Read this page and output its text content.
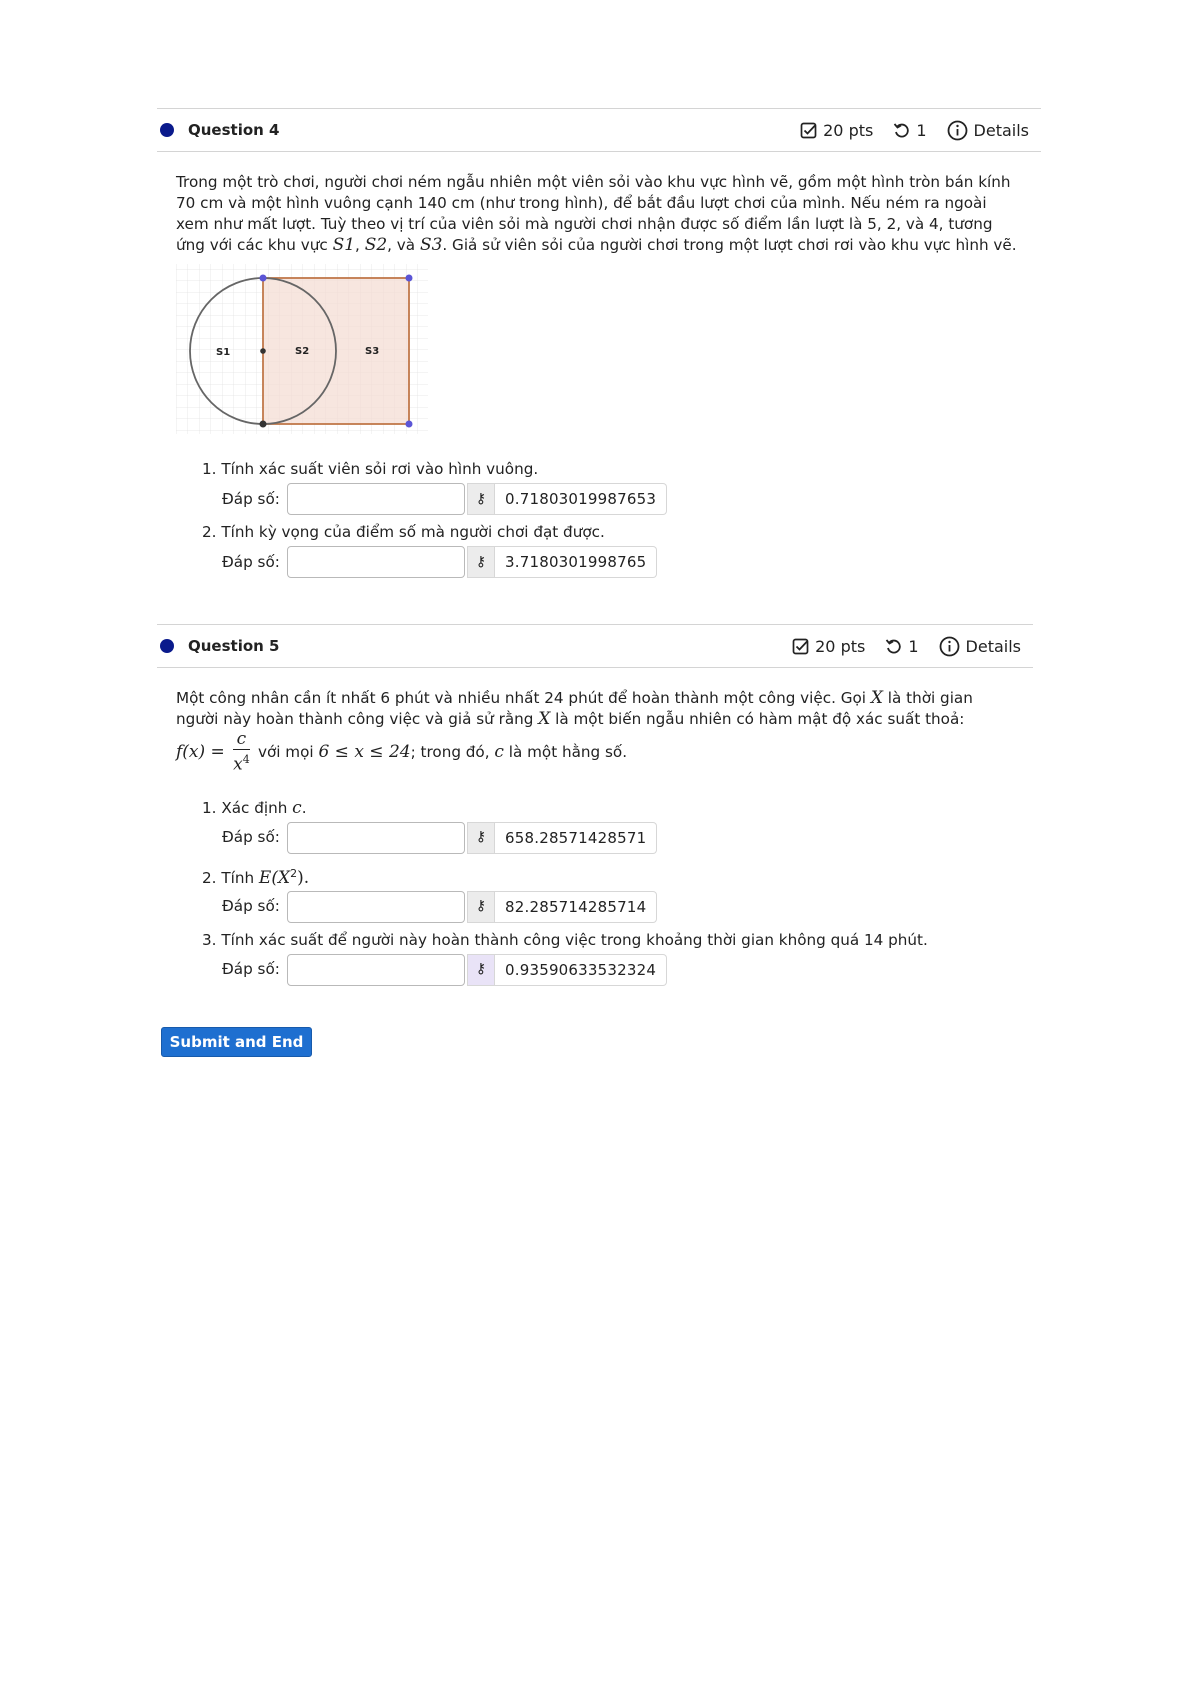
Question 4	20 pts	1	Details

Trong một trò chơi, người chơi ném ngẫu nhiên một viên sỏi vào khu vực hình vẽ, gồm một hình tròn bán kính 70 cm và một hình vuông cạnh 140 cm (như trong hình), để bắt đầu lượt chơi của mình. Nếu ném ra ngoài xem như mất lượt. Tuỳ theo vị trí của viên sỏi mà người chơi nhận được số điểm lần lượt là 5, 2, và 4, tương ứng với các khu vực S1, S2, và S3. Giả sử viên sỏi của người chơi trong một lượt chơi rơi vào khu vực hình vẽ.

S1	S2	S3
1. Tính xác suất viên sỏi rơi vào hình vuông.
Đáp số:	⚷	0.71803019987653
2. Tính kỳ vọng của điểm số mà người chơi đạt được.
Đáp số:	⚷	3.7180301998765
Question 5	20 pts	1	Details

Một công nhân cần ít nhất 6 phút và nhiều nhất 24 phút để hoàn thành một công việc. Gọi X là thời gian người này hoàn thành công việc và giả sử rằng X là một biến ngẫu nhiên có hàm mật độ xác suất thoả:
$f(x) = \frac{c}{x^4}$ với mọi 6 ≤ x ≤ 24; trong đó, c là một hằng số.

1. Xác định c.
Đáp số:	⚷	658.28571428571
2. Tính $E(X^2)$.
Đáp số:	⚷	82.285714285714
3. Tính xác suất để người này hoàn thành công việc trong khoảng thời gian không quá 14 phút.
Đáp số:	⚷	0.93590633532324
Submit and End
